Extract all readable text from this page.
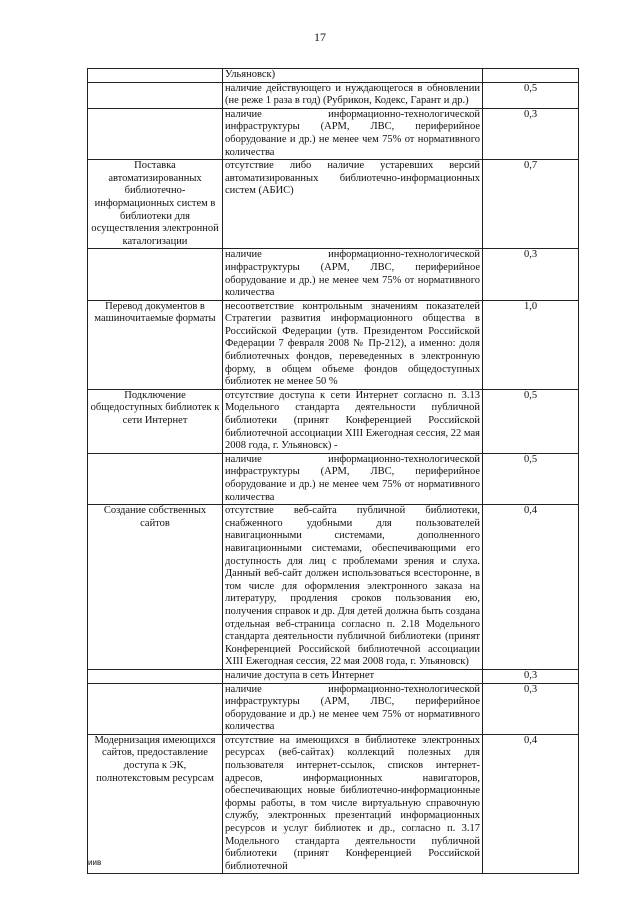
17
	Ульяновск)	
	наличие действующего и нуждающегося в обновлении (не реже 1 раза в год) (Рубрикон, Кодекс, Гарант и др.)	0,5
	наличие информационно-технологической инфраструктуры (АРМ, ЛВС, периферийное оборудование и др.) не менее чем 75% от нормативного количества	0,3
Поставка автоматизированных библиотечно-информационных систем в библиотеки для осуществления электронной каталогизации	отсутствие либо наличие устаревших версий автоматизированных библиотечно-информационных систем (АБИС)	0,7
	наличие информационно-технологической инфраструктуры (АРМ, ЛВС, периферийное оборудование и др.) не менее чем 75% от нормативного количества	0,3
Перевод документов в машиночитаемые форматы	несоответствие контрольным значениям показателей Стратегии развития информационного общества в Российской Федерации (утв. Президентом Российской Федерации 7 февраля 2008 № Пр-212), а именно: доля библиотечных фондов, переведенных в электронную форму, в общем объеме фондов общедоступных библиотек не менее 50 %	1,0
Подключение общедоступных библиотек к сети Интернет	отсутствие доступа к сети Интернет согласно п. 3.13 Модельного стандарта деятельности публичной библиотеки (принят Конференцией Российской библиотечной ассоциации XIII Ежегодная сессия, 22 мая 2008 года, г. Ульяновск) -	0,5
	наличие информационно-технологической инфраструктуры (АРМ, ЛВС, периферийное оборудование и др.) не менее чем 75% от нормативного количества	0,5
Создание собственных сайтов	отсутствие веб-сайта публичной библиотеки, снабженного удобными для пользователей навигационными системами, дополненного навигационными системами, обеспечивающими его доступность для лиц с проблемами зрения и слуха. Данный веб-сайт должен использоваться всесторонне, в том числе для оформления электронного заказа на литературу, продления сроков пользования ею, получения справок и др. Для детей должна быть создана отдельная веб-страница согласно п. 2.18 Модельного стандарта деятельности публичной библиотеки (принят Конференцией Российской библиотечной ассоциации XIII Ежегодная сессия, 22 мая 2008 года, г. Ульяновск)	0,4
	наличие доступа в сеть Интернет	0,3
	наличие информационно-технологической инфраструктуры (АРМ, ЛВС, периферийное оборудование и др.) не менее чем 75% от нормативного количества	0,3
Модернизация имеющихся сайтов, предоставление доступа к ЭК, полнотекстовым ресурсам	отсутствие на имеющихся в библиотеке электронных ресурсах (веб-сайтах) коллекций полезных для пользователя интернет-ссылок, списков интернет-адресов, информационных навигаторов, обеспечивающих новые библиотечно-информационные формы работы, в том числе виртуальную справочную службу, электронных презентаций информационных ресурсов и услуг библиотек и др., согласно п. 3.17 Модельного стандарта деятельности публичной библиотеки (принят Конференцией Российской библиотечной	0,4
иив
